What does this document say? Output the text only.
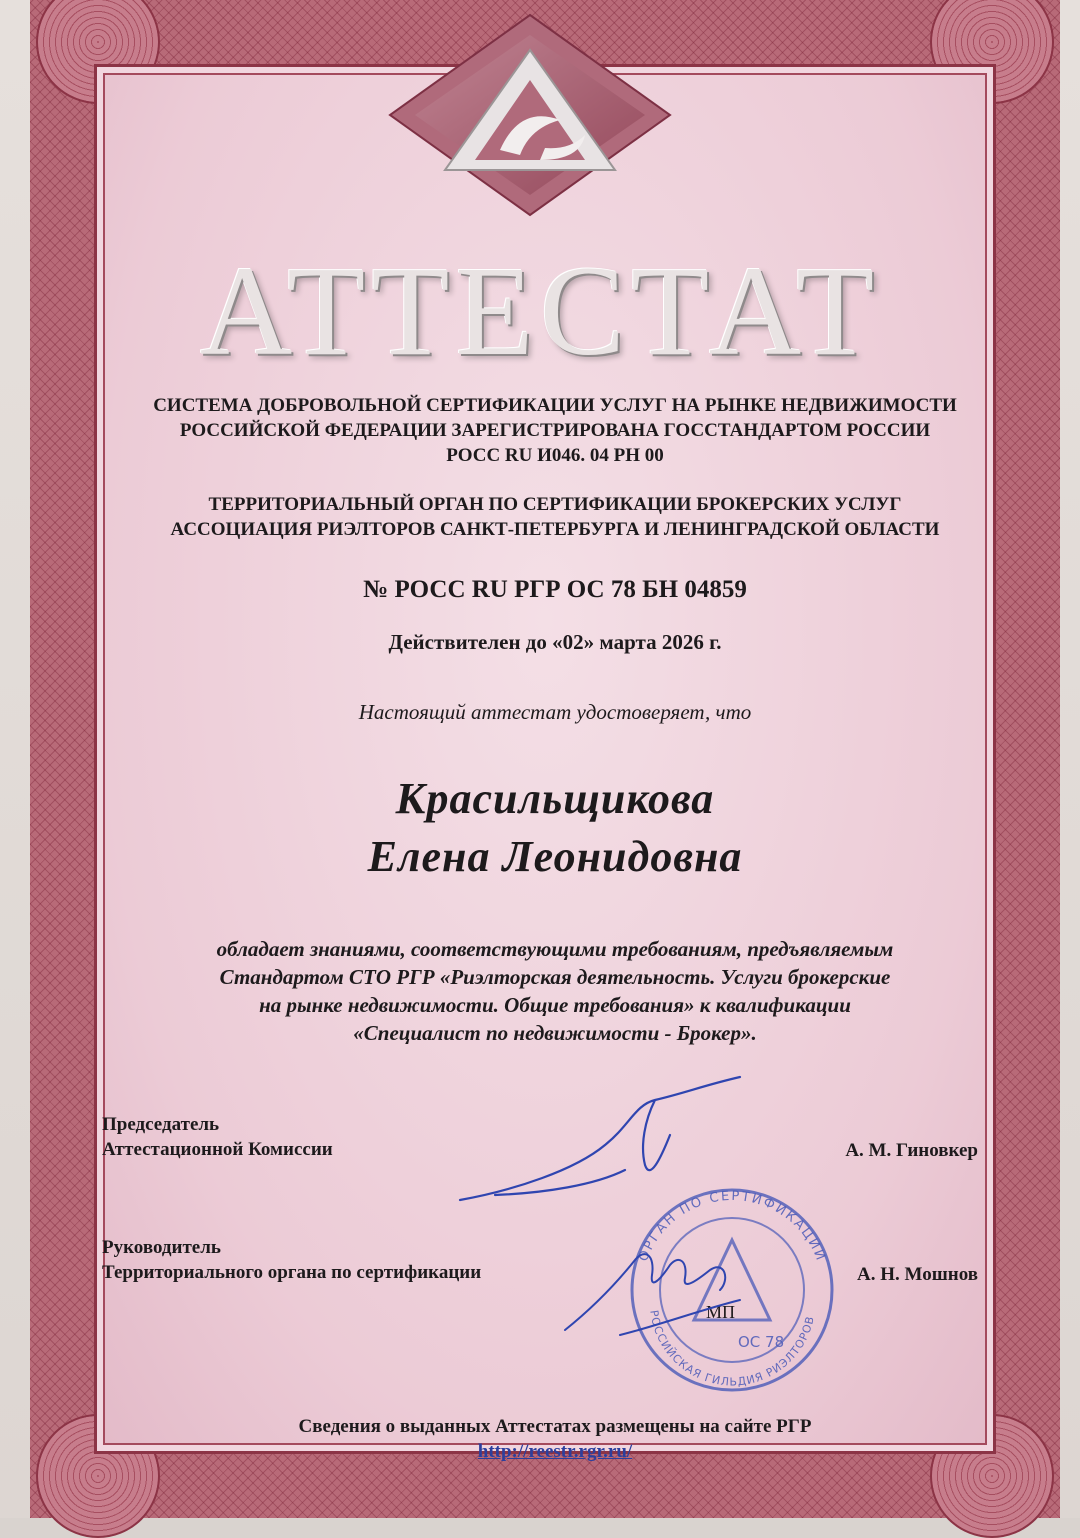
АТТЕСТАТ
СИСТЕМА ДОБРОВОЛЬНОЙ СЕРТИФИКАЦИИ УСЛУГ НА РЫНКЕ НЕДВИЖИМОСТИ
РОССИЙСКОЙ ФЕДЕРАЦИИ ЗАРЕГИСТРИРОВАНА ГОССТАНДАРТОМ РОССИИ
РОСС RU И046. 04 РН 00
ТЕРРИТОРИАЛЬНЫЙ ОРГАН ПО СЕРТИФИКАЦИИ БРОКЕРСКИХ УСЛУГ
АССОЦИАЦИЯ РИЭЛТОРОВ САНКТ-ПЕТЕРБУРГА И ЛЕНИНГРАДСКОЙ ОБЛАСТИ
№ РОСС RU РГР ОС 78 БН 04859
Действителен до «02» марта 2026 г.
Настоящий аттестат удостоверяет, что
Красильщикова
Елена Леонидовна
обладает знаниями, соответствующими требованиям, предъявляемым
Стандартом СТО РГР «Риэлторская деятельность. Услуги брокерские
на рынке недвижимости. Общие требования» к квалификации
«Специалист по недвижимости - Брокер».
Председатель
Аттестационной Комиссии	А. М. Гиновкер
Руководитель
Территориального органа по сертификации	А. Н. Мошнов
МП
ОРГАН ПО СЕРТИФИКАЦИИ
РОССИЙСКАЯ ГИЛЬДИЯ РИЭЛТОРОВ
ОС 78
Сведения о выданных Аттестатах размещены на сайте РГР
http://reestr.rgr.ru/
